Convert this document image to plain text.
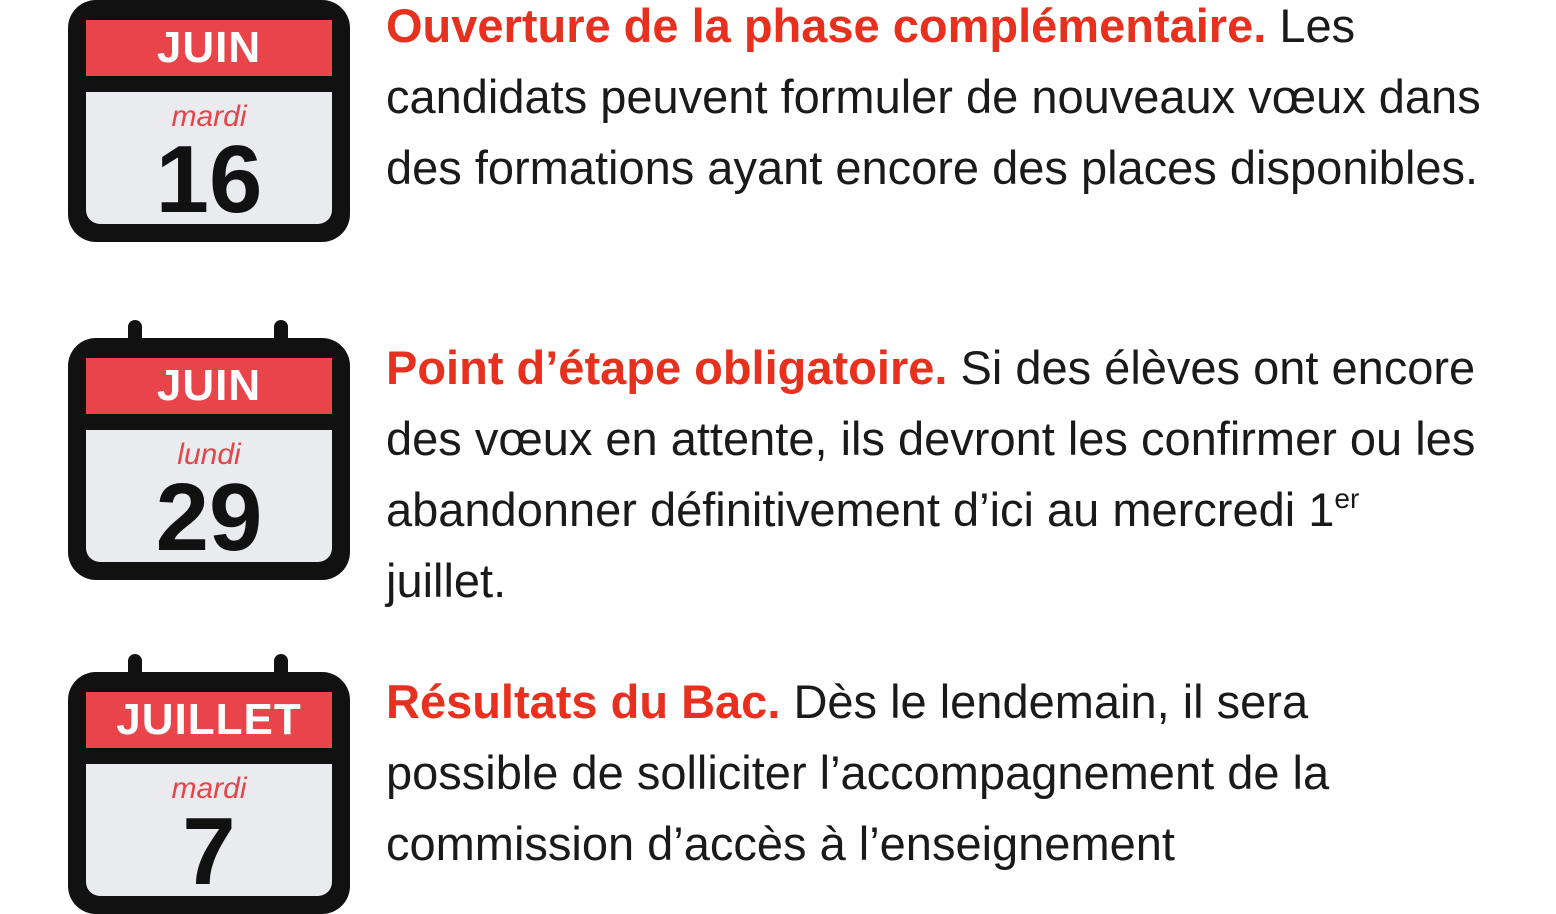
JUIN
mardi
16

Ouverture de la phase complémentaire. Les candidats peuvent formuler de nouveaux vœux dans des formations ayant encore des places disponibles.

JUIN
lundi
29

Point d’étape obligatoire. Si des élèves ont encore des vœux en attente, ils devront les confirmer ou les abandonner définitivement d’ici au mercredi 1er juillet.

JUILLET
mardi
7

Résultats du Bac. Dès le lendemain, il sera possible de solliciter l’accompagnement de la commission d’accès à l’enseignement
